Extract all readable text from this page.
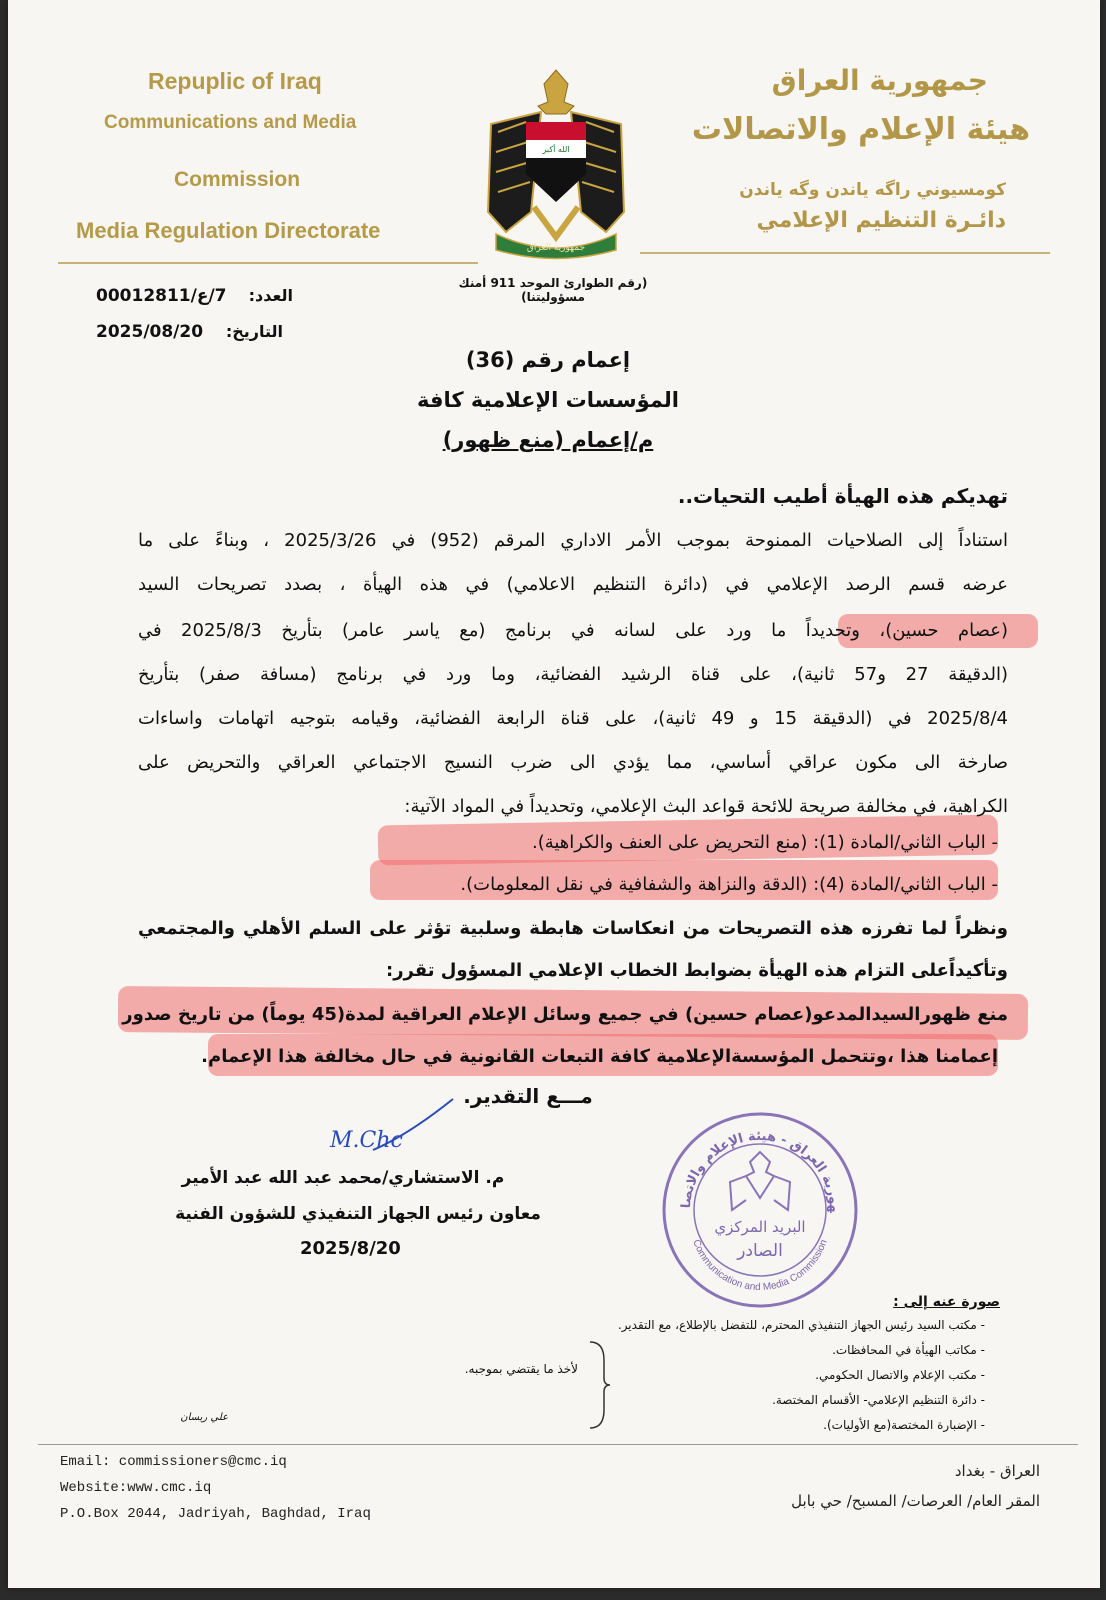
Repuplic of Iraq
Communications and Media
Commission
Media Regulation Directorate
الله أكبر
جمهورية العراق
جمهورية العراق
هيئة الإعلام والاتصالات
كومسيوني راگه ياندن وگه ياندن
دائـرة التنظيم الإعلامي
(رقم الطوارئ الموحد 911 أمنك مسؤوليتنا)
7/ع/00012811	العدد:
2025/08/20	التاريخ:
إعمام رقم (36)
المؤسسات الإعلامية كافة
م/إعمام (منع ظهور)
تهديكم هذه الهيأة أطيب التحيات..
استناداً إلى الصلاحيات الممنوحة بموجب الأمر الاداري المرقم (952) في 2025/3/26 ، وبناءً على ما
عرضه قسم الرصد الإعلامي في (دائرة التنظيم الاعلامي) في هذه الهيأة ، بصدد تصريحات السيد
(عصام حسين)، وتحديداً ما ورد على لسانه في برنامج (مع ياسر عامر) بتأريخ 2025/8/3 في
(الدقيقة 27 و57 ثانية)، على قناة الرشيد الفضائية، وما ورد في برنامج (مسافة صفر) بتأريخ
2025/8/4 في (الدقيقة 15 و 49 ثانية)، على قناة الرابعة الفضائية، وقيامه بتوجيه اتهامات واساءات
صارخة الى مكون عراقي أساسي، مما يؤدي الى ضرب النسيج الاجتماعي العراقي والتحريض على
الكراهية، في مخالفة صريحة للائحة قواعد البث الإعلامي، وتحديداً في المواد الآتية:
- الباب الثاني/المادة (1): (منع التحريض على العنف والكراهية).
- الباب الثاني/المادة (4): (الدقة والنزاهة والشفافية في نقل المعلومات).
ونظراً لما تفرزه هذه التصريحات من انعكاسات هابطة وسلبية تؤثر على السلم الأهلي والمجتمعي
وتأكيداًعلى التزام هذه الهيأة بضوابط الخطاب الإعلامي المسؤول تقرر:
منع ظهورالسيدالمدعو(عصام حسين) في جميع وسائل الإعلام العراقية لمدة(45 يوماً) من تاريخ صدور
إعمامنا هذا ،وتتحمل المؤسسةالإعلامية كافة التبعات القانونية في حال مخالفة هذا الإعمام.
مـــع التقدير.
M.Chc
م. الاستشاري/محمد عبد الله عبد الأمير
معاون رئيس الجهاز التنفيذي للشؤون الفنية
2025/8/20
هورية العراق - هيئة الإعلام والاتصالات
Communication and Media Commission
البريد المركزي
الصادر
صورة عنه إلى :
- مكتب السيد رئيس الجهاز التنفيذي المحترم، للتفضل بالإطلاع، مع التقدير.
- مكاتب الهيأة في المحافظات.
- مكتب الإعلام والاتصال الحكومي.
- دائرة التنظيم الإعلامي- الأقسام المختصة.
- الإضبارة المختصة(مع الأوليات).
لأخذ ما يقتضي بموجبه.
علي ريسان
Email: commissioners@cmc.iq
Website:www.cmc.iq
P.O.Box 2044, Jadriyah, Baghdad, Iraq
العراق - بغداد
المقر العام/ العرصات/ المسبح/ حي بابل
